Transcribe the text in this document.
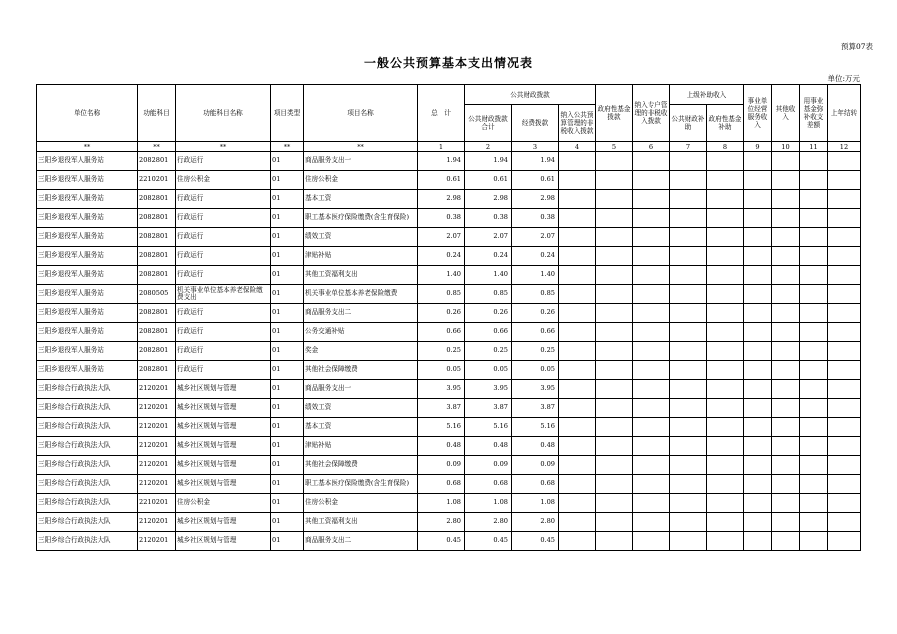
预算07表
一般公共预算基本支出情况表
单位:万元
单位名称	功能科目	功能科目名称	项目类型	项目名称	总　计	公共财政拨款			政府性基金拨款	纳入专户管理的非税收入拨款	上级补助收入		事业单位经营服务收入	其他收入	用事业基金弥补收支差额	上年结转
						公共财政拨款合计	经费拨款	纳入公共预算管理的非税收入拨款			公共财政补助	政府性基金补助				
**	**	**	**	**	1	2	3	4	5	6	7	8	9	10	11	12
三阳乡退役军人服务站	2082801	行政运行	01	商品服务支出一	1.94	1.94	1.94									
三阳乡退役军人服务站	2210201	住房公积金	01	住房公积金	0.61	0.61	0.61									
三阳乡退役军人服务站	2082801	行政运行	01	基本工资	2.98	2.98	2.98									
三阳乡退役军人服务站	2082801	行政运行	01	职工基本医疗保险缴费(含生育保险)	0.38	0.38	0.38									
三阳乡退役军人服务站	2082801	行政运行	01	绩效工资	2.07	2.07	2.07									
三阳乡退役军人服务站	2082801	行政运行	01	津贴补贴	0.24	0.24	0.24									
三阳乡退役军人服务站	2082801	行政运行	01	其他工资福利支出	1.40	1.40	1.40									
三阳乡退役军人服务站	2080505	机关事业单位基本养老保险缴费支出	01	机关事业单位基本养老保险缴费	0.85	0.85	0.85									
三阳乡退役军人服务站	2082801	行政运行	01	商品服务支出二	0.26	0.26	0.26									
三阳乡退役军人服务站	2082801	行政运行	01	公务交通补贴	0.66	0.66	0.66									
三阳乡退役军人服务站	2082801	行政运行	01	奖金	0.25	0.25	0.25									
三阳乡退役军人服务站	2082801	行政运行	01	其他社会保障缴费	0.05	0.05	0.05									
三阳乡综合行政执法大队	2120201	城乡社区规划与管理	01	商品服务支出一	3.95	3.95	3.95									
三阳乡综合行政执法大队	2120201	城乡社区规划与管理	01	绩效工资	3.87	3.87	3.87									
三阳乡综合行政执法大队	2120201	城乡社区规划与管理	01	基本工资	5.16	5.16	5.16									
三阳乡综合行政执法大队	2120201	城乡社区规划与管理	01	津贴补贴	0.48	0.48	0.48									
三阳乡综合行政执法大队	2120201	城乡社区规划与管理	01	其他社会保障缴费	0.09	0.09	0.09									
三阳乡综合行政执法大队	2120201	城乡社区规划与管理	01	职工基本医疗保险缴费(含生育保险)	0.68	0.68	0.68									
三阳乡综合行政执法大队	2210201	住房公积金	01	住房公积金	1.08	1.08	1.08									
三阳乡综合行政执法大队	2120201	城乡社区规划与管理	01	其他工资福利支出	2.80	2.80	2.80									
三阳乡综合行政执法大队	2120201	城乡社区规划与管理	01	商品服务支出二	0.45	0.45	0.45									
